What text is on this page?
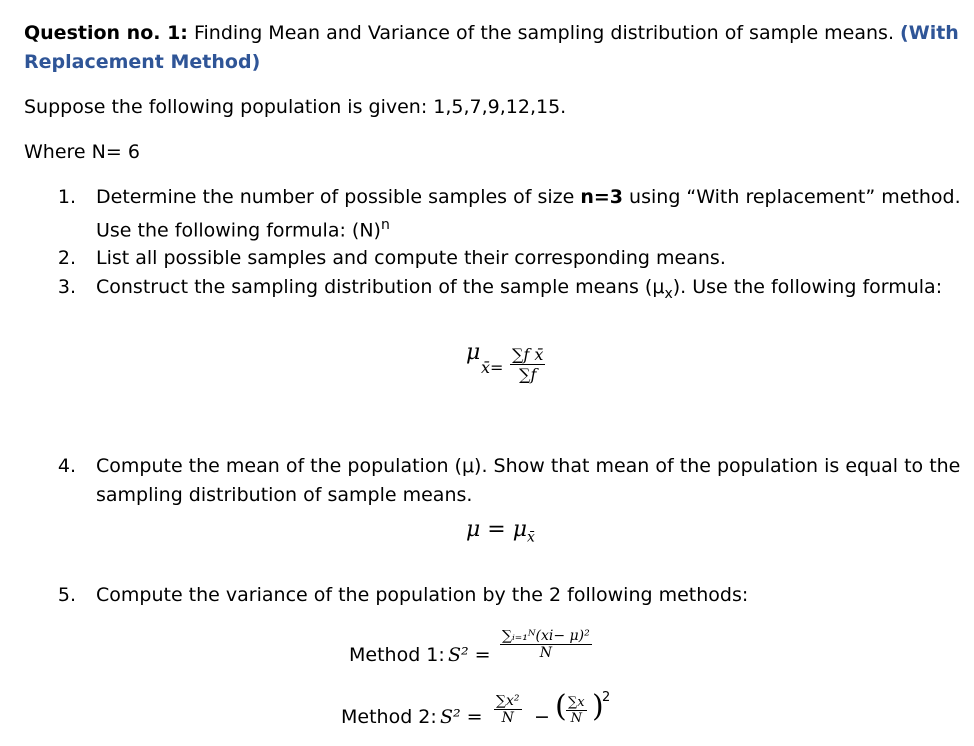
Question no. 1: Finding Mean and Variance of the sampling distribution of sample means. (With
Replacement Method)
Suppose the following population is given: 1,5,7,9,12,15.
Where N= 6
1. Determine the number of possible samples of size n=3 using “With replacement” method.
Use the following formula: $(N)^n$
2. List all possible samples and compute their corresponding means.
3. Construct the sampling distribution of the sample means $(\mu_x)$. Use the following formula:
μ
x̄= $\frac{\text{∑f x̄}}{\sum f}$
4. Compute the mean of the population (μ). Show that mean of the population is equal to the
sampling distribution of sample means.
$\mu = \mu_{x̄}$
5. Compute the variance of the population by the 2 following methods:
Method 1: $S^2 = \frac{\text{∑ᵢ₌₁ᴺ(xi− μ)²}}{N}$
Method 2: $S^2 = \frac{\text{∑x²}}{N}$ − ( $\frac{\sum x}{N}$ )
2
